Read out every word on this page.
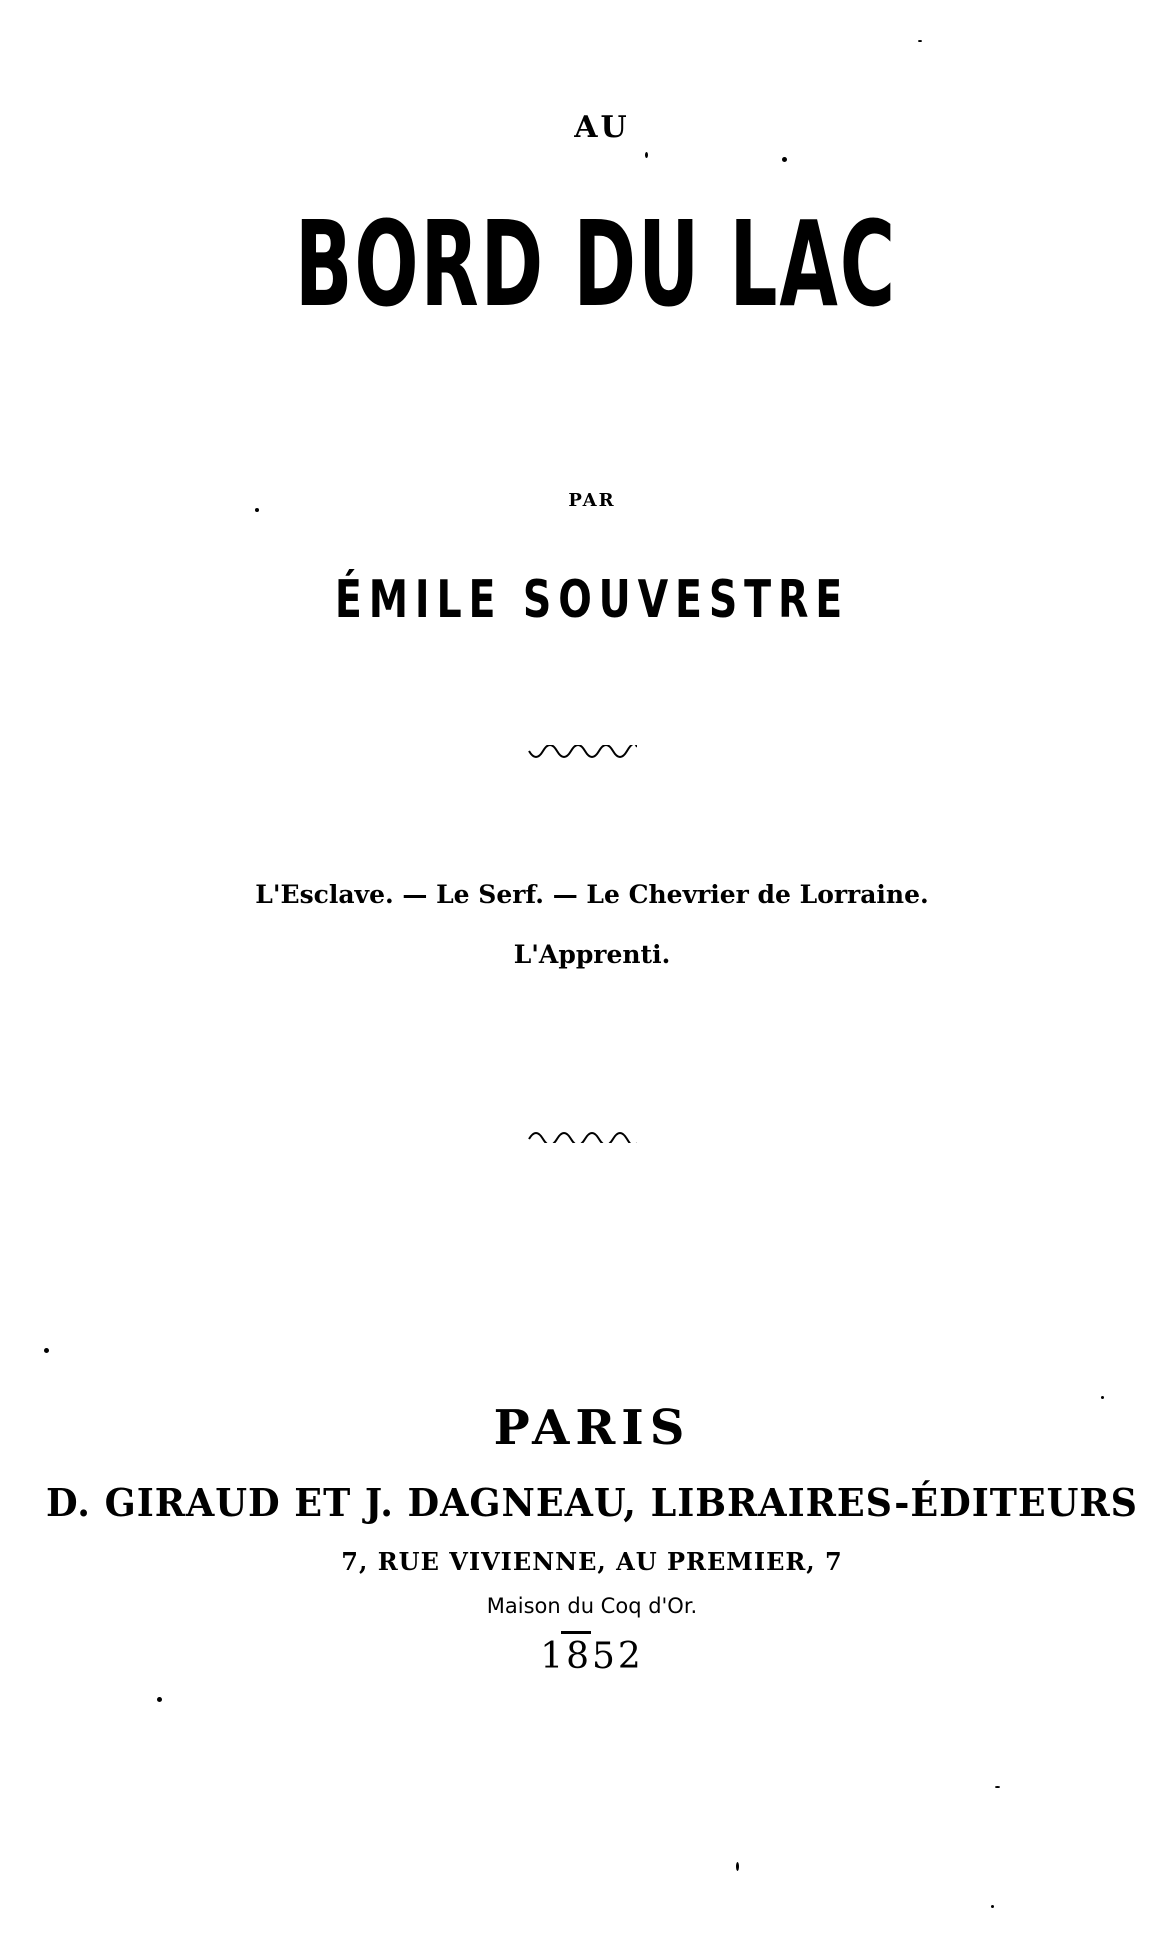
AU
BORD DU LAC
PAR
ÉMILE SOUVESTRE
L'Esclave. — Le Serf. — Le Chevrier de Lorraine.
L'Apprenti.
PARIS
D. GIRAUD ET J. DAGNEAU, LIBRAIRES-ÉDITEURS
7, RUE VIVIENNE, AU PREMIER, 7
Maison du Coq d'Or.
1852
